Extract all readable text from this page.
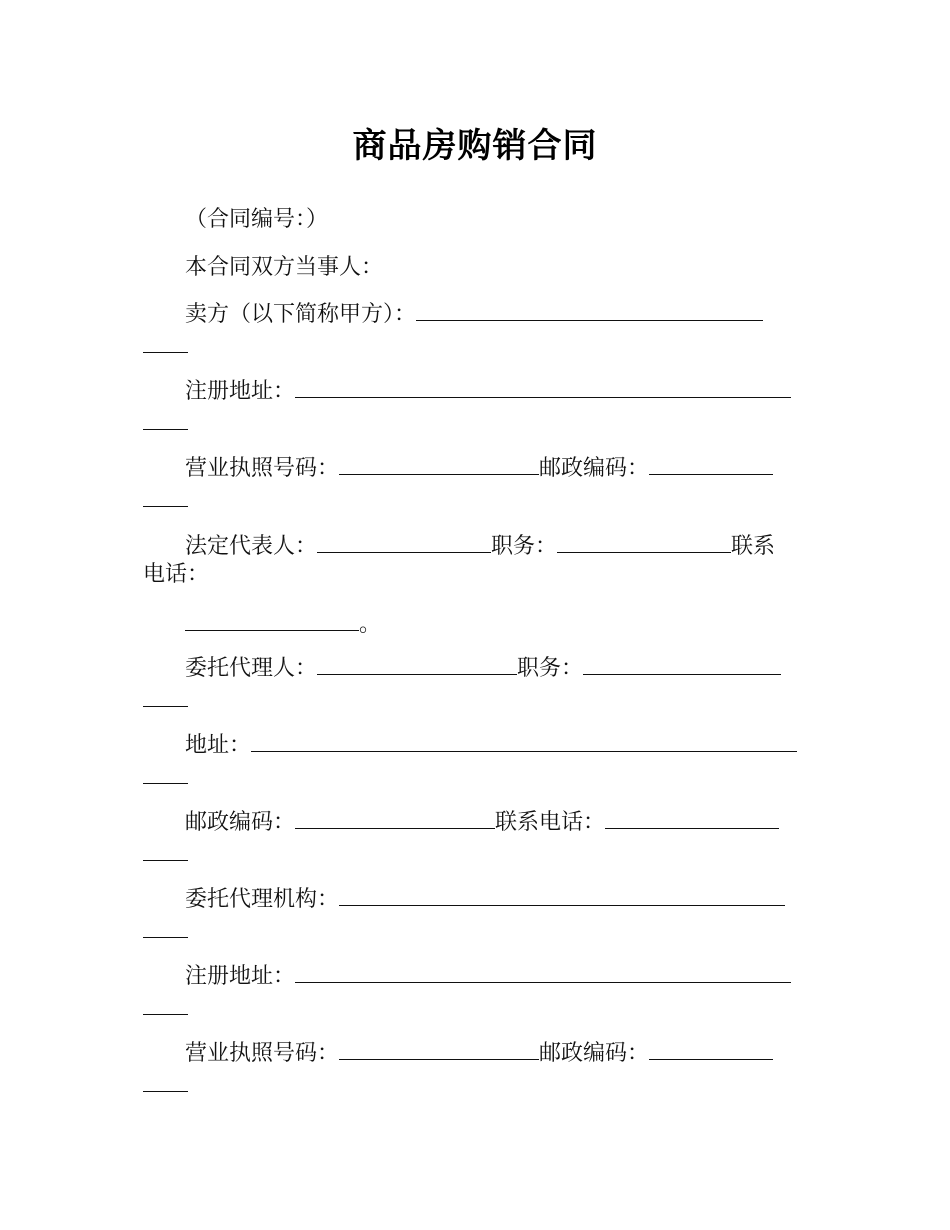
商品房购销合同
（合同编号：）
本合同双方当事人：
卖方（以下简称甲方）：
注册地址：
营业执照号码：	邮政编码：
法定代表人：	职务：	联系
电话：
。
委托代理人：	职务：
地址：
邮政编码：	联系电话：
委托代理机构：
注册地址：
营业执照号码：	邮政编码：
